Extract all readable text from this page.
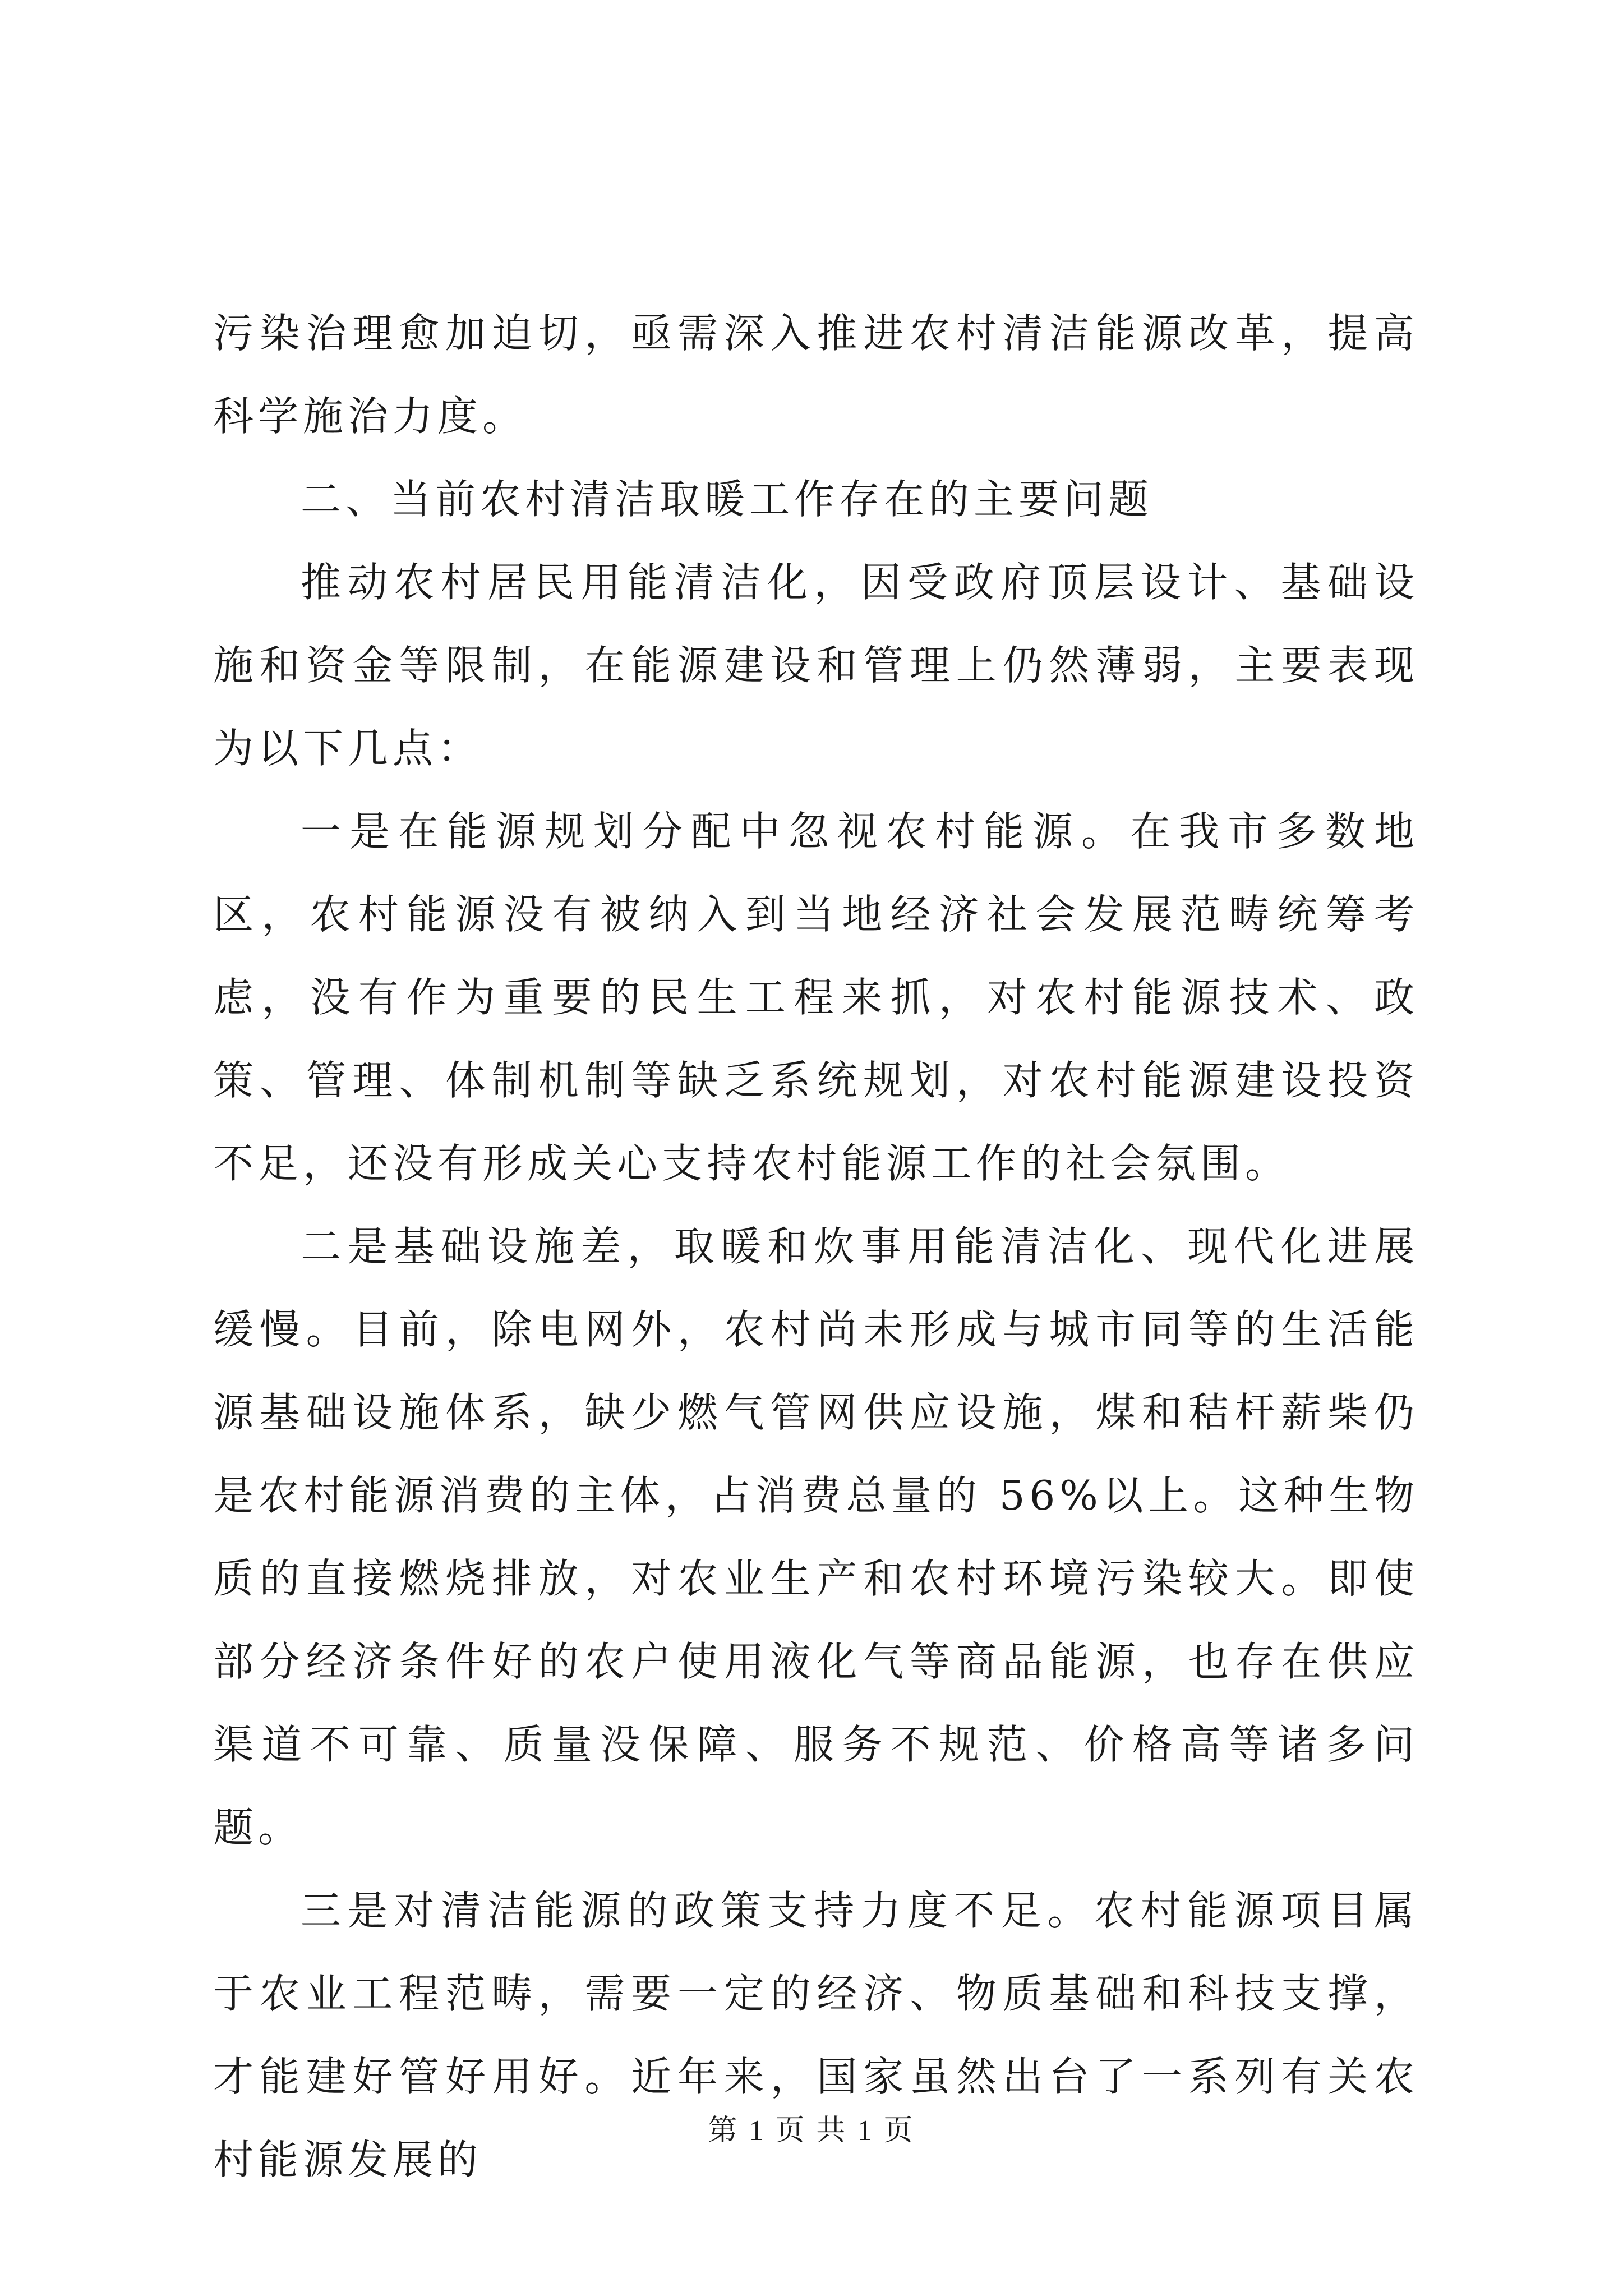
污染治理愈加迫切，亟需深入推进农村清洁能源改革，提高科学施治力度。

二、当前农村清洁取暖工作存在的主要问题

推动农村居民用能清洁化，因受政府顶层设计、基础设施和资金等限制，在能源建设和管理上仍然薄弱，主要表现为以下几点：

一是在能源规划分配中忽视农村能源。在我市多数地区，农村能源没有被纳入到当地经济社会发展范畴统筹考虑，没有作为重要的民生工程来抓，对农村能源技术、政策、管理、体制机制等缺乏系统规划，对农村能源建设投资不足，还没有形成关心支持农村能源工作的社会氛围。

二是基础设施差，取暖和炊事用能清洁化、现代化进展缓慢。目前，除电网外，农村尚未形成与城市同等的生活能源基础设施体系，缺少燃气管网供应设施，煤和秸杆薪柴仍是农村能源消费的主体，占消费总量的 56%以上。这种生物质的直接燃烧排放，对农业生产和农村环境污染较大。即使部分经济条件好的农户使用液化气等商品能源，也存在供应渠道不可靠、质量没保障、服务不规范、价格高等诸多问题。

三是对清洁能源的政策支持力度不足。农村能源项目属于农业工程范畴，需要一定的经济、物质基础和科技支撑，才能建好管好用好。近年来，国家虽然出台了一系列有关农村能源发展的

第 1 页 共 1 页
